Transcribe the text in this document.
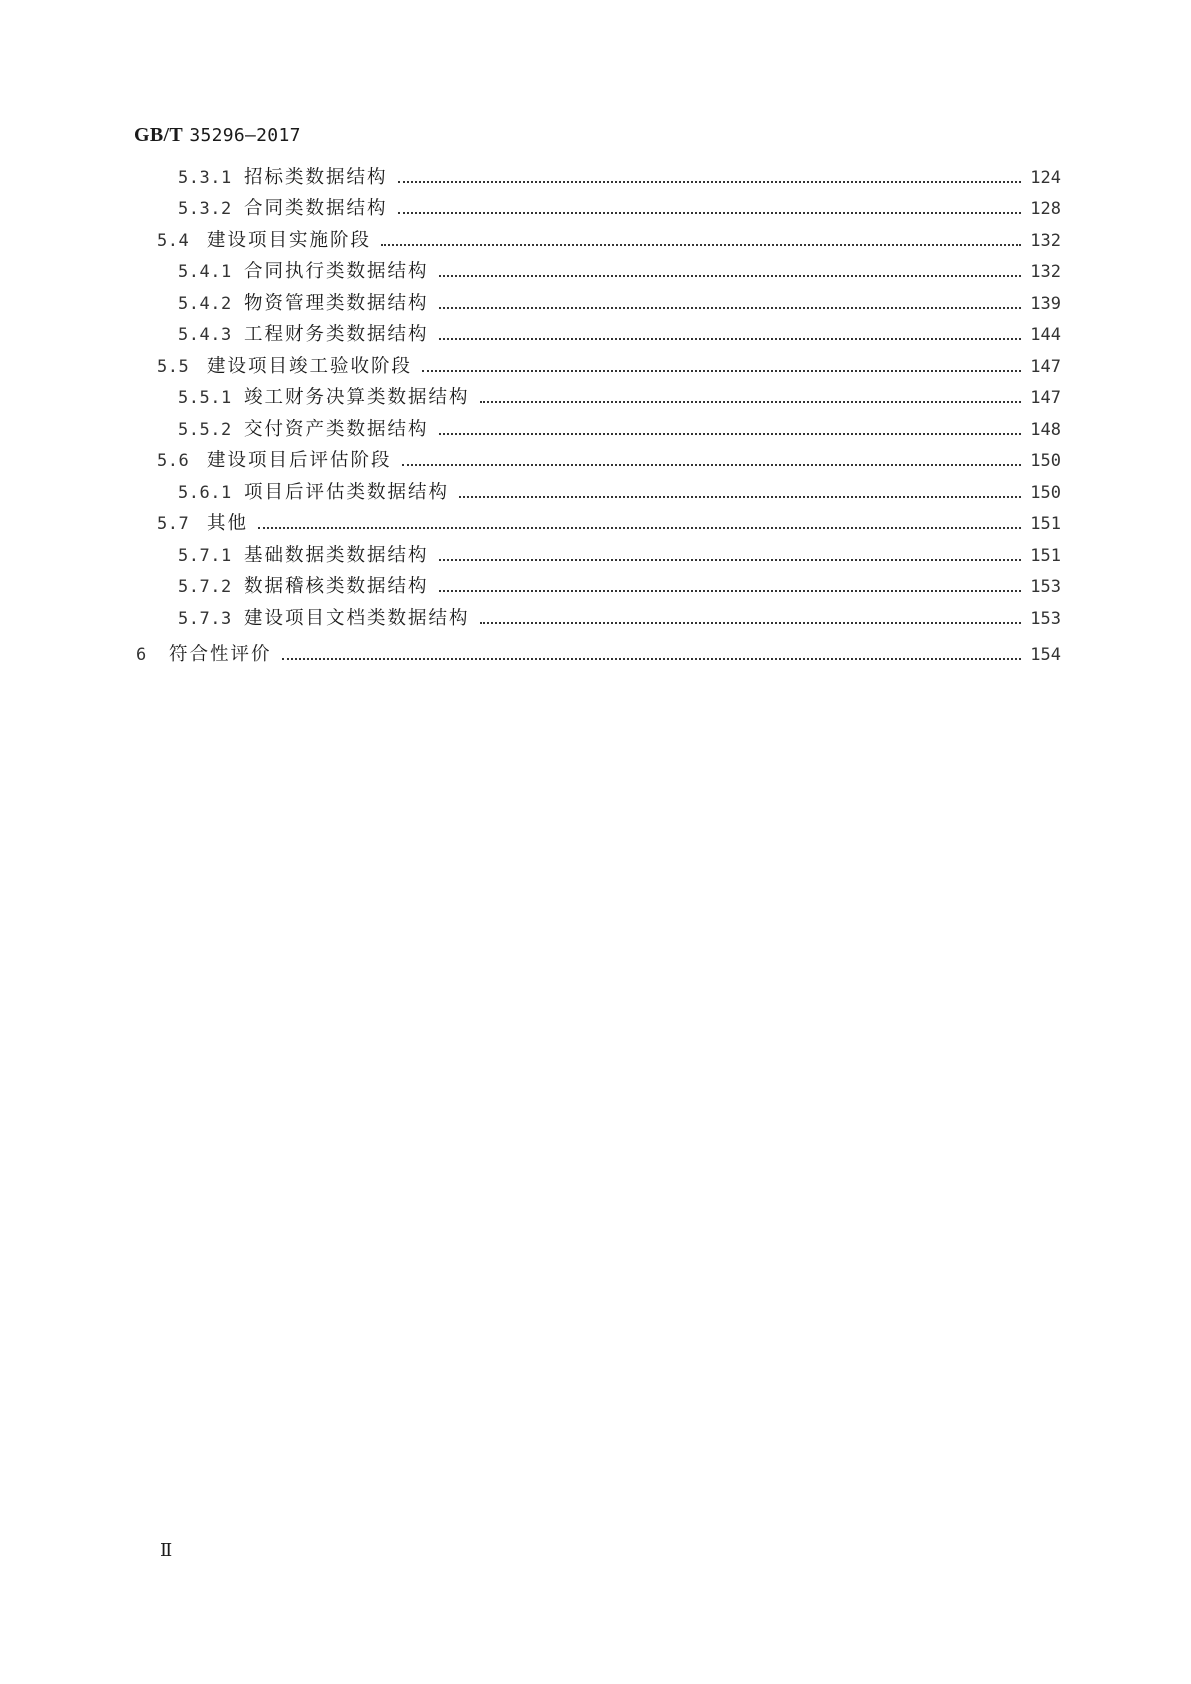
GB/T 35296—2017
5.3.1 招标类数据结构	124
5.3.2 合同类数据结构	128
5.4 建设项目实施阶段	132
5.4.1 合同执行类数据结构	132
5.4.2 物资管理类数据结构	139
5.4.3 工程财务类数据结构	144
5.5 建设项目竣工验收阶段	147
5.5.1 竣工财务决算类数据结构	147
5.5.2 交付资产类数据结构	148
5.6 建设项目后评估阶段	150
5.6.1 项目后评估类数据结构	150
5.7 其他	151
5.7.1 基础数据类数据结构	151
5.7.2 数据稽核类数据结构	153
5.7.3 建设项目文档类数据结构	153
6	符合性评价	154
Ⅱ
